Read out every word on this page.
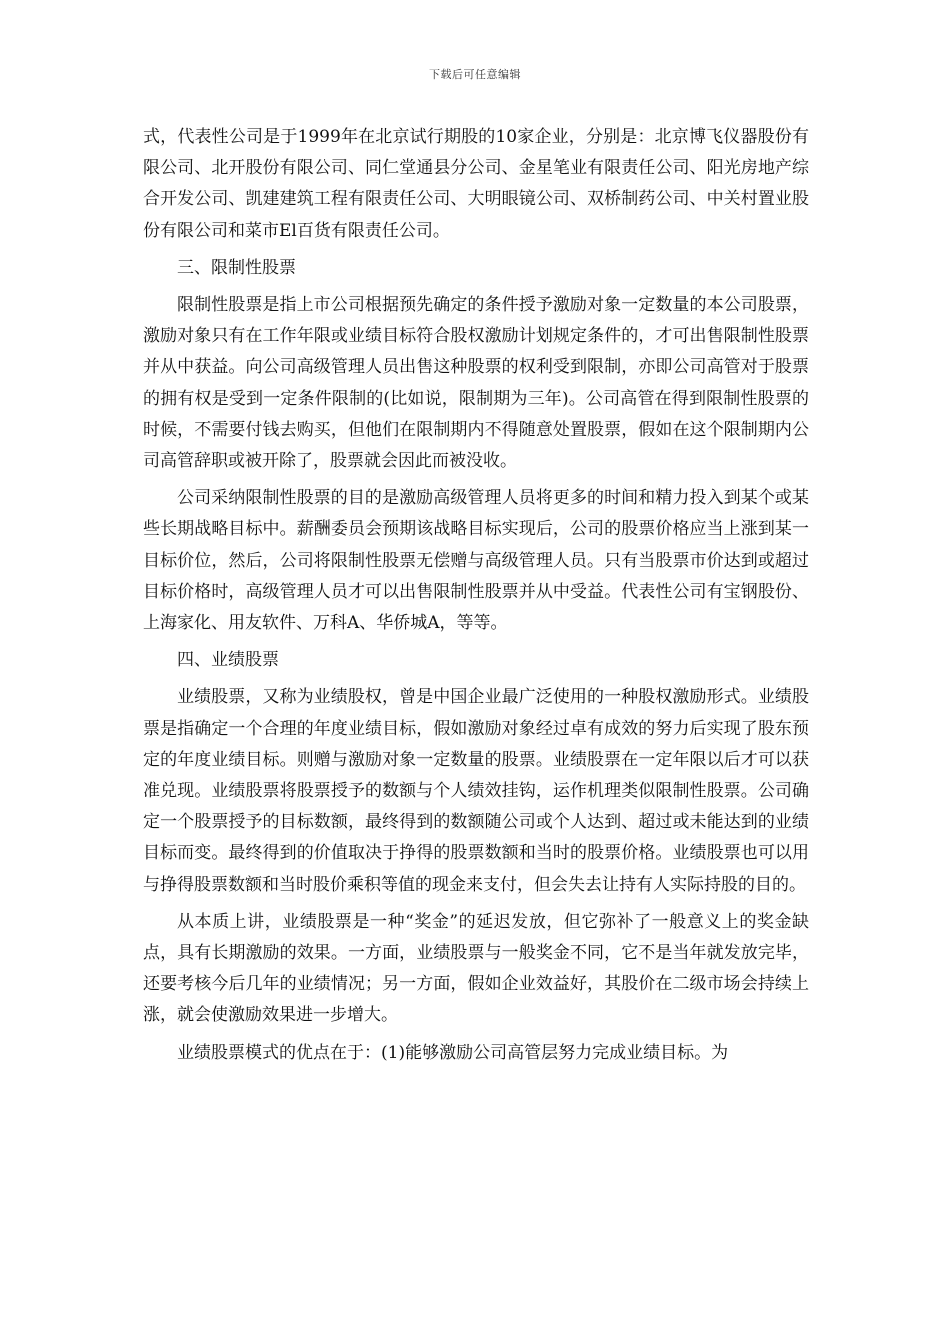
下载后可任意编辑

式，代表性公司是于1999年在北京试行期股的10家企业，分别是：北京博飞仪器股份有限公司、北开股份有限公司、同仁堂通县分公司、金星笔业有限责任公司、阳光房地产综合开发公司、凯建建筑工程有限责任公司、大明眼镜公司、双桥制药公司、中关村置业股份有限公司和菜市El百货有限责任公司。

三、限制性股票

限制性股票是指上市公司根据预先确定的条件授予激励对象一定数量的本公司股票，激励对象只有在工作年限或业绩目标符合股权激励计划规定条件的，才可出售限制性股票并从中获益。向公司高级管理人员出售这种股票的权利受到限制，亦即公司高管对于股票的拥有权是受到一定条件限制的(比如说，限制期为三年)。公司高管在得到限制性股票的时候，不需要付钱去购买，但他们在限制期内不得随意处置股票，假如在这个限制期内公司高管辞职或被开除了，股票就会因此而被没收。

公司采纳限制性股票的目的是激励高级管理人员将更多的时间和精力投入到某个或某些长期战略目标中。薪酬委员会预期该战略目标实现后，公司的股票价格应当上涨到某一目标价位，然后，公司将限制性股票无偿赠与高级管理人员。只有当股票市价达到或超过目标价格时，高级管理人员才可以出售限制性股票并从中受益。代表性公司有宝钢股份、上海家化、用友软件、万科A、华侨城A，等等。

四、业绩股票

业绩股票，又称为业绩股权，曾是中国企业最广泛使用的一种股权激励形式。业绩股票是指确定一个合理的年度业绩目标，假如激励对象经过卓有成效的努力后实现了股东预定的年度业绩目标。则赠与激励对象一定数量的股票。业绩股票在一定年限以后才可以获准兑现。业绩股票将股票授予的数额与个人绩效挂钩，运作机理类似限制性股票。公司确定一个股票授予的目标数额，最终得到的数额随公司或个人达到、超过或未能达到的业绩目标而变。最终得到的价值取决于挣得的股票数额和当时的股票价格。业绩股票也可以用与挣得股票数额和当时股价乘积等值的现金来支付，但会失去让持有人实际持股的目的。

从本质上讲，业绩股票是一种“奖金”的延迟发放，但它弥补了一般意义上的奖金缺点，具有长期激励的效果。一方面，业绩股票与一般奖金不同，它不是当年就发放完毕，还要考核今后几年的业绩情况；另一方面，假如企业效益好，其股价在二级市场会持续上涨，就会使激励效果进一步增大。

业绩股票模式的优点在于：(1)能够激励公司高管层努力完成业绩目标。为
